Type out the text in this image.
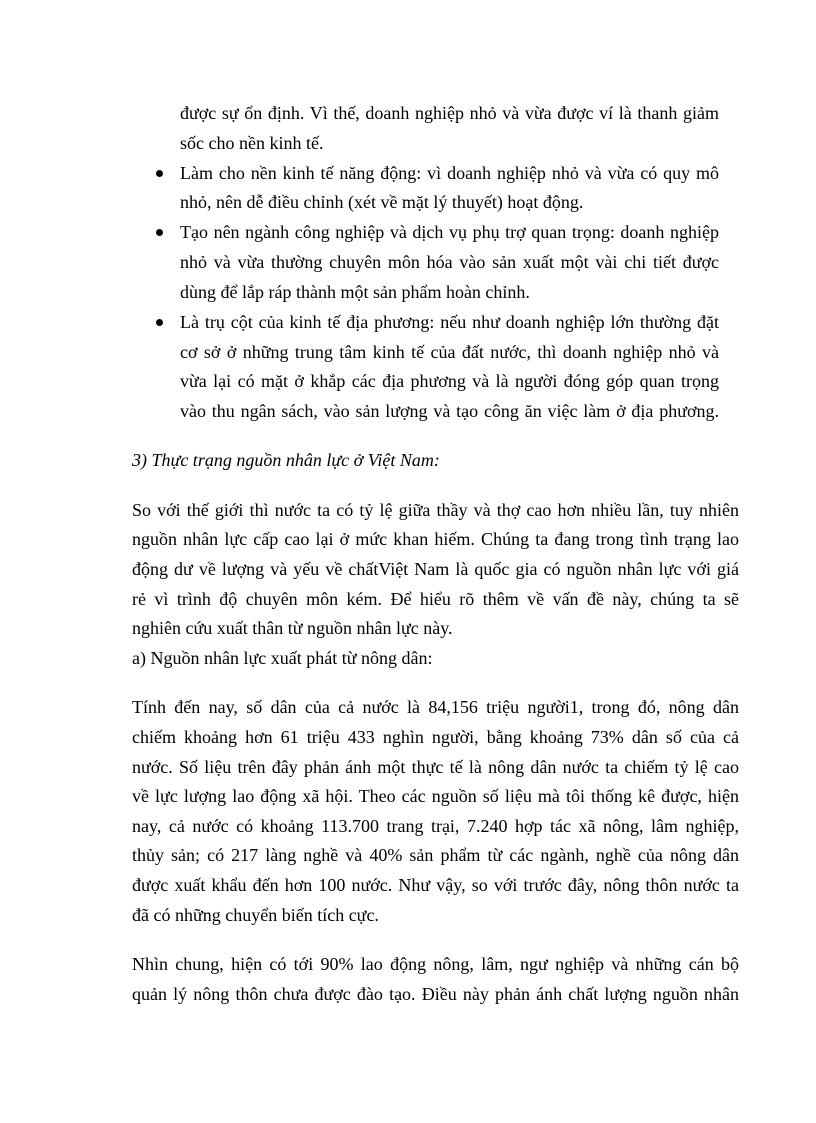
được sự ổn định. Vì thế, doanh nghiệp nhỏ và vừa được ví là thanh giảm
sốc cho nền kinh tế.
Làm cho nền kinh tế năng động: vì doanh nghiệp nhỏ và vừa có quy mô
nhỏ, nên dễ điều chỉnh (xét về mặt lý thuyết) hoạt động.
Tạo nên ngành công nghiệp và dịch vụ phụ trợ quan trọng: doanh nghiệp
nhỏ và vừa thường chuyên môn hóa vào sản xuất một vài chi tiết được
dùng để lắp ráp thành một sản phẩm hoàn chỉnh.
Là trụ cột của kinh tế địa phương: nếu như doanh nghiệp lớn thường đặt
cơ sở ở những trung tâm kinh tế của đất nước, thì doanh nghiệp nhỏ và
vừa lại có mặt ở khắp các địa phương và là người đóng góp quan trọng
vào thu ngân sách, vào sản lượng và tạo công ăn việc làm ở địa phương.
3) Thực trạng nguồn nhân lực ở Việt Nam:
So với thế giới thì nước ta có tỷ lệ giữa thầy và thợ cao hơn nhiều lần, tuy nhiên
nguồn nhân lực cấp cao lại ở mức khan hiếm. Chúng ta đang trong tình trạng lao
động dư về lượng và yếu về chấtViệt Nam là quốc gia có nguồn nhân lực với giá
rẻ vì trình độ chuyên môn kém. Để hiểu rõ thêm về vấn đề này, chúng ta sẽ
nghiên cứu xuất thân từ nguồn nhân lực này.
a) Nguồn nhân lực xuất phát từ nông dân:
Tính đến nay, số dân của cả nước là 84,156 triệu người1, trong đó, nông dân
chiếm khoảng hơn 61 triệu 433 nghìn người, bằng khoảng 73% dân số của cả
nước. Số liệu trên đây phản ánh một thực tế là nông dân nước ta chiếm tỷ lệ cao
về lực lượng lao động xã hội. Theo các nguồn số liệu mà tôi thống kê được, hiện
nay, cả nước có khoảng 113.700 trang trại, 7.240 hợp tác xã nông, lâm nghiệp,
thủy sản; có 217 làng nghề và 40% sản phẩm từ các ngành, nghề của nông dân
được xuất khẩu đến hơn 100 nước. Như vậy, so với trước đây, nông thôn nước ta
đã có những chuyển biến tích cực.
Nhìn chung, hiện có tới 90% lao động nông, lâm, ngư nghiệp và những cán bộ
quản lý nông thôn chưa được đào tạo. Điều này phản ánh chất lượng nguồn nhân
